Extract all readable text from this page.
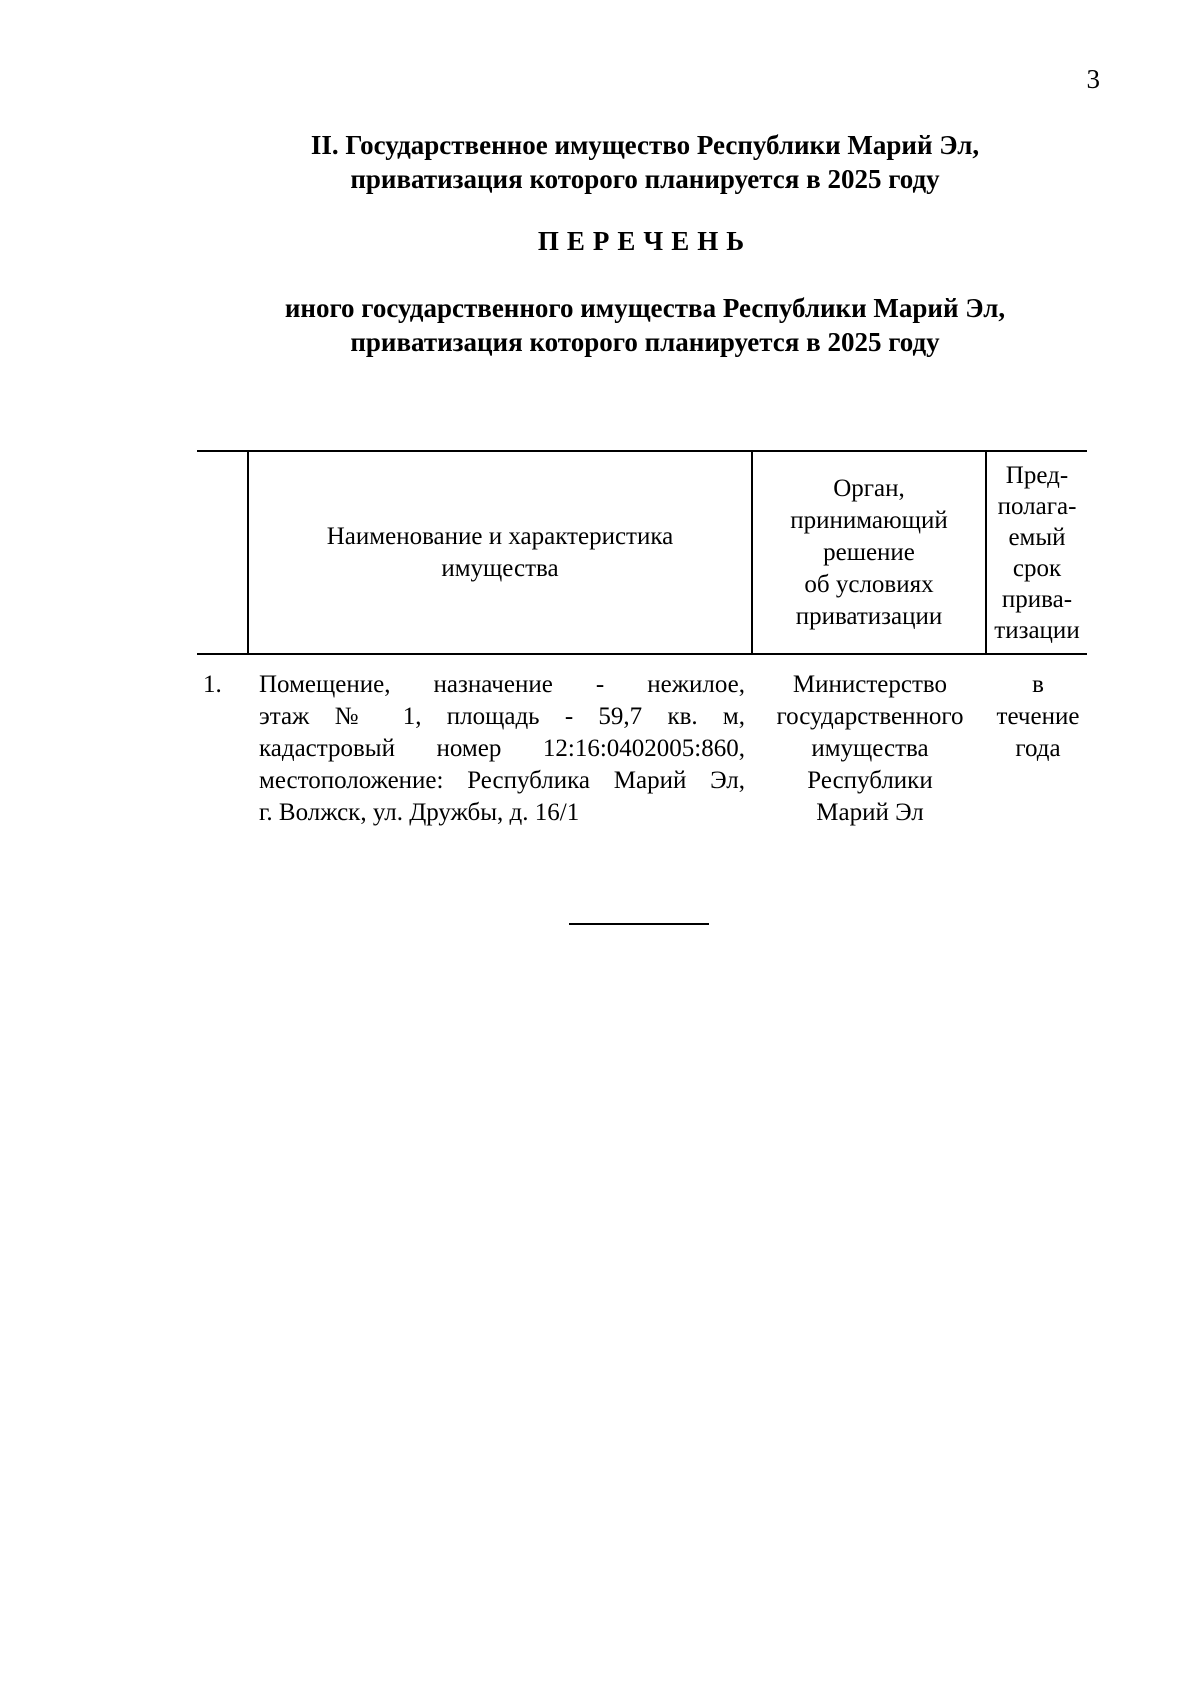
3
II. Государственное имущество Республики Марий Эл,
приватизация которого планируется в 2025 году
ПЕРЕЧЕНЬ
иного государственного имущества Республики Марий Эл,
приватизация которого планируется в 2025 году
Наименование и характеристика
имущества
Орган,
принимающий
решение
об условиях
приватизации
Пред-
полага-
емый
срок
прива-
тизации
1.	Помещение, назначение - нежилое,
этаж № 1, площадь - 59,7 кв. м,
кадастровый номер 12:16:0402005:860,
местоположение: Республика Марий Эл,
г. Волжск, ул. Дружбы, д. 16/1
Министерство
государственного
имущества
Республики
Марий Эл
в
течение
года
